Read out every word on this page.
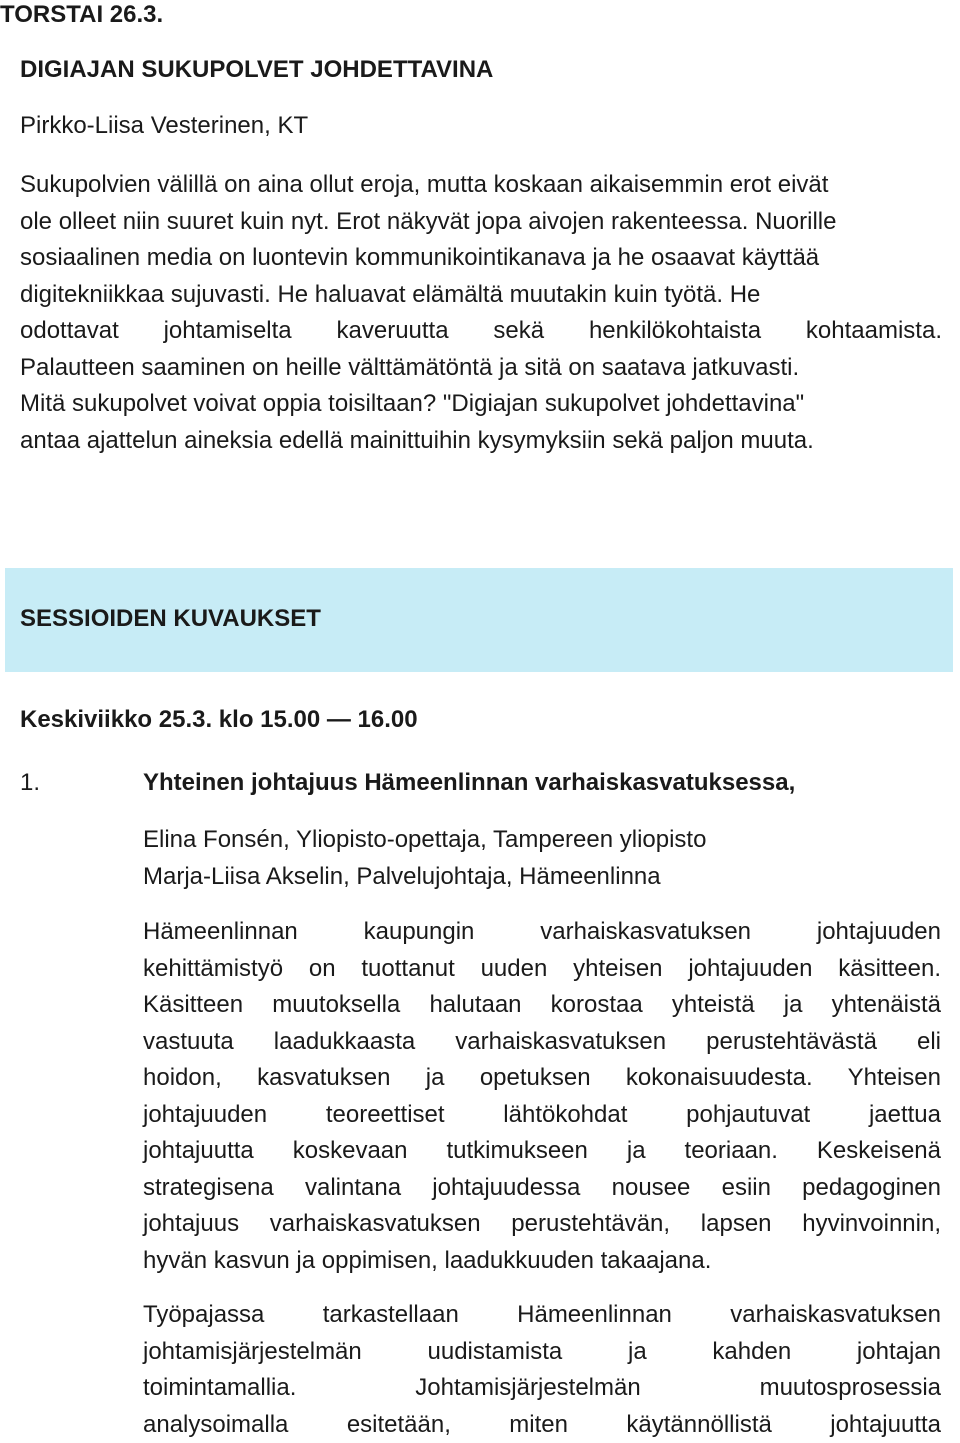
TORSTAI 26.3.
DIGIAJAN SUKUPOLVET JOHDETTAVINA

Pirkko-Liisa Vesterinen, KT

Sukupolvien välillä on aina ollut eroja, mutta koskaan aikaisemmin erot eivät
ole olleet niin suuret kuin nyt. Erot näkyvät jopa aivojen rakenteessa. Nuorille
sosiaalinen media on luontevin kommunikointikanava ja he osaavat käyttää
digitekniikkaa sujuvasti. He haluavat elämältä muutakin kuin työtä. He
odottavat johtamiselta kaveruutta sekä henkilökohtaista kohtaamista.
Palautteen saaminen on heille välttämätöntä ja sitä on saatava jatkuvasti.
Mitä sukupolvet voivat oppia toisiltaan? "Digiajan sukupolvet johdettavina"
antaa ajattelun aineksia edellä mainittuihin kysymyksiin sekä paljon muuta.
SESSIOIDEN KUVAUKSET
Keskiviikko 25.3. klo 15.00 — 16.00
1.	Yhteinen johtajuus Hämeenlinnan varhaiskasvatuksessa,
Elina Fonsén, Yliopisto-opettaja, Tampereen yliopisto
Marja-Liisa Akselin, Palvelujohtaja, Hämeenlinna
Hämeenlinnan kaupungin varhaiskasvatuksen johtajuuden
kehittämistyö on tuottanut uuden yhteisen johtajuuden käsitteen.
Käsitteen muutoksella halutaan korostaa yhteistä ja yhtenäistä
vastuuta laadukkaasta varhaiskasvatuksen perustehtävästä eli
hoidon, kasvatuksen ja opetuksen kokonaisuudesta. Yhteisen
johtajuuden teoreettiset lähtökohdat pohjautuvat jaettua
johtajuutta koskevaan tutkimukseen ja teoriaan. Keskeisenä
strategisena valintana johtajuudessa nousee esiin pedagoginen
johtajuus varhaiskasvatuksen perustehtävän, lapsen hyvinvoinnin,
hyvän kasvun ja oppimisen, laadukkuuden takaajana.
Työpajassa tarkastellaan Hämeenlinnan varhaiskasvatuksen
johtamisjärjestelmän uudistamista ja kahden johtajan
toimintamallia. Johtamisjärjestelmän muutosprosessia
analysoimalla esitetään, miten käytännöllistä johtajuutta
